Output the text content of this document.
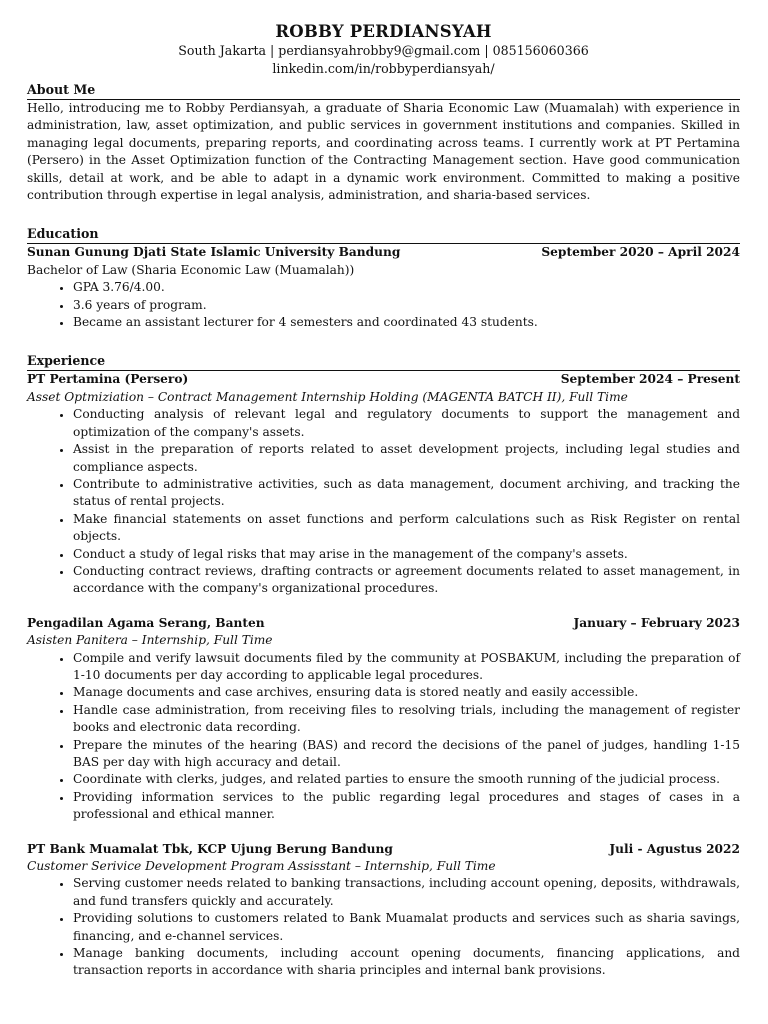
ROBBY PERDIANSYAH
South Jakarta | perdiansyahrobby9@gmail.com | 085156060366
linkedin.com/in/robbyperdiansyah/
About Me

Hello, introducing me to Robby Perdiansyah, a graduate of Sharia Economic Law (Muamalah) with experience in administration, law, asset optimization, and public services in government institutions and companies. Skilled in managing legal documents, preparing reports, and coordinating across teams. I currently work at PT Pertamina (Persero) in the Asset Optimization function of the Contracting Management section. Have good communication skills, detail at work, and be able to adapt in a dynamic work environment. Committed to making a positive contribution through expertise in legal analysis, administration, and sharia-based services.

Education
Sunan Gunung Djati State Islamic University Bandung	September 2020 – April 2024
Bachelor of Law (Sharia Economic Law (Muamalah))
• GPA 3.76/4.00.
• 3.6 years of program.
• Became an assistant lecturer for 4 semesters and coordinated 43 students.
Experience
PT Pertamina (Persero)	September 2024 – Present
Asset Optmiziation – Contract Management Internship Holding (MAGENTA BATCH II), Full Time
• Conducting analysis of relevant legal and regulatory documents to support the management and optimization of the company's assets.
• Assist in the preparation of reports related to asset development projects, including legal studies and compliance aspects.
• Contribute to administrative activities, such as data management, document archiving, and tracking the status of rental projects.
• Make financial statements on asset functions and perform calculations such as Risk Register on rental objects.
• Conduct a study of legal risks that may arise in the management of the company's assets.
• Conducting contract reviews, drafting contracts or agreement documents related to asset management, in accordance with the company's organizational procedures.
Pengadilan Agama Serang, Banten	January – February 2023
Asisten Panitera – Internship, Full Time
• Compile and verify lawsuit documents filed by the community at POSBAKUM, including the preparation of 1-10 documents per day according to applicable legal procedures.
• Manage documents and case archives, ensuring data is stored neatly and easily accessible.
• Handle case administration, from receiving files to resolving trials, including the management of register books and electronic data recording.
• Prepare the minutes of the hearing (BAS) and record the decisions of the panel of judges, handling 1-15 BAS per day with high accuracy and detail.
• Coordinate with clerks, judges, and related parties to ensure the smooth running of the judicial process.
• Providing information services to the public regarding legal procedures and stages of cases in a professional and ethical manner.
PT Bank Muamalat Tbk, KCP Ujung Berung Bandung	Juli - Agustus 2022
Customer Serivice Development Program Assisstant – Internship, Full Time
• Serving customer needs related to banking transactions, including account opening, deposits, withdrawals, and fund transfers quickly and accurately.
• Providing solutions to customers related to Bank Muamalat products and services such as sharia savings, financing, and e-channel services.
• Manage banking documents, including account opening documents, financing applications, and transaction reports in accordance with sharia principles and internal bank provisions.
